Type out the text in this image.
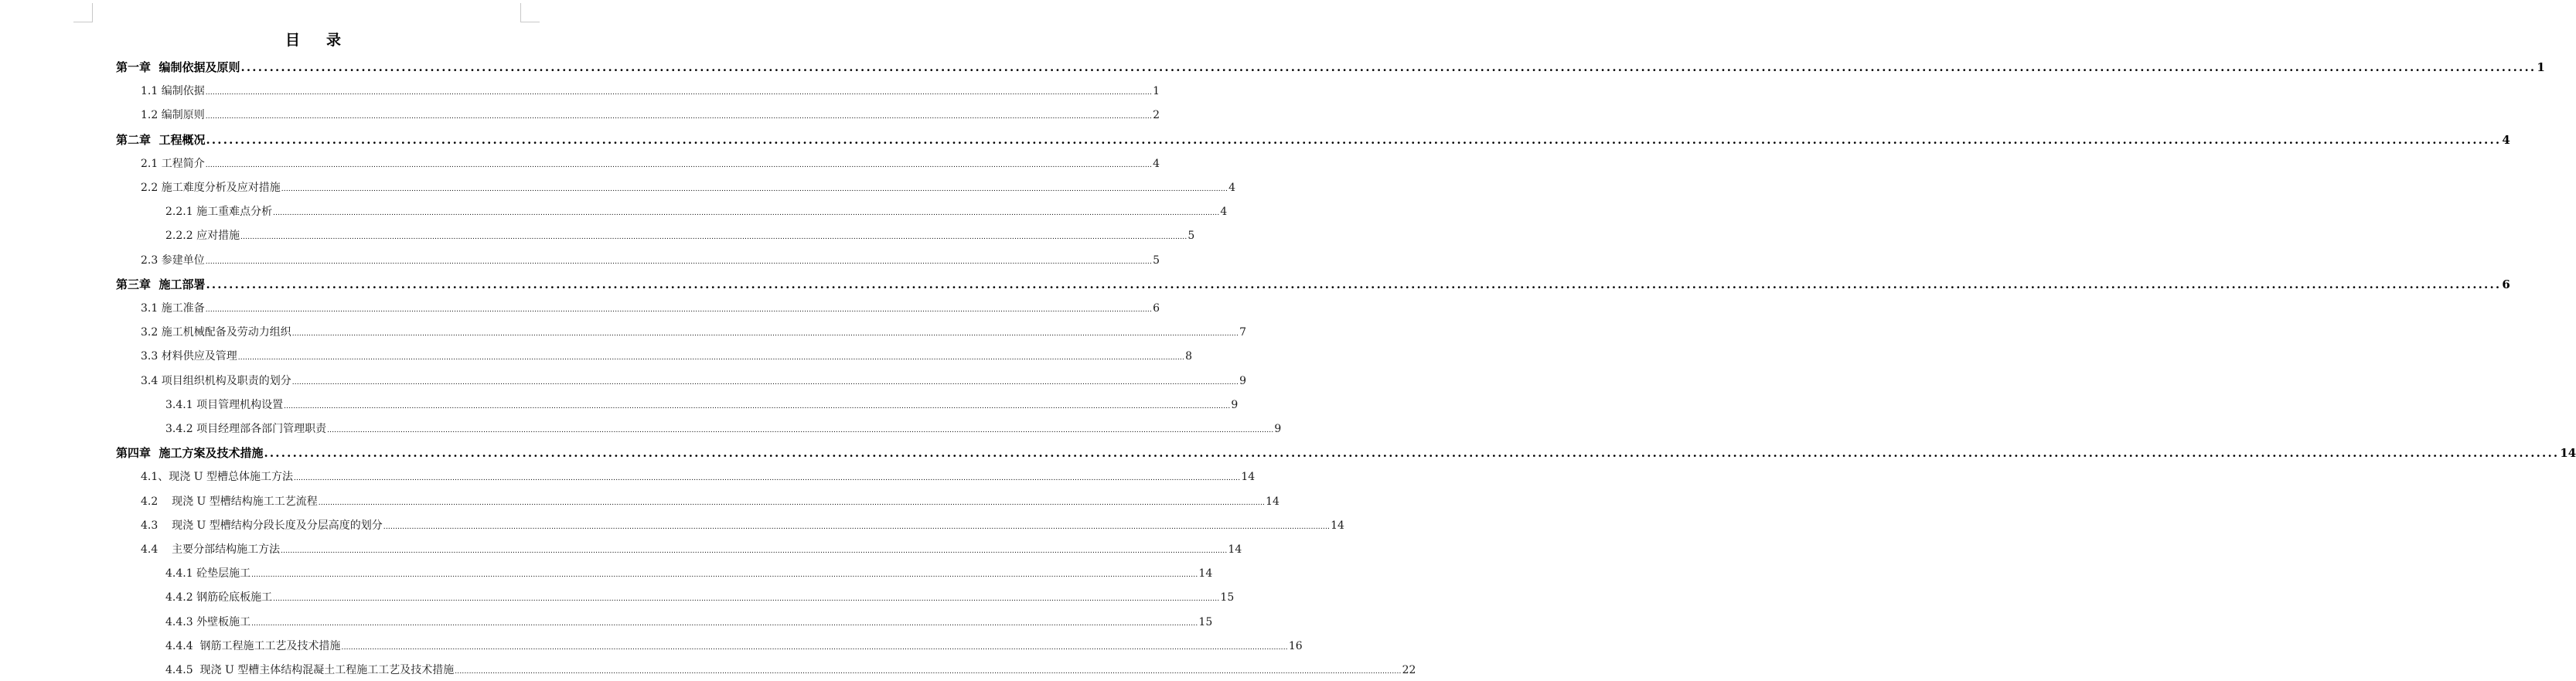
目 录
第一章  编制依据及原则 ................................................................................................................................................................................................................................................................................................................................................................................................................ 1
1.1 编制依据 ................................................................................................................................................................................................................................................................................................................................................................................................................ 1
1.2 编制原则 ................................................................................................................................................................................................................................................................................................................................................................................................................ 2
第二章  工程概况 ................................................................................................................................................................................................................................................................................................................................................................................................................ 4
2.1 工程简介 ................................................................................................................................................................................................................................................................................................................................................................................................................ 4
2.2 施工难度分析及应对措施 ................................................................................................................................................................................................................................................................................................................................................................................................................ 4
2.2.1 施工重难点分析 ................................................................................................................................................................................................................................................................................................................................................................................................................ 4
2.2.2 应对措施 ................................................................................................................................................................................................................................................................................................................................................................................................................ 5
2.3 参建单位 ................................................................................................................................................................................................................................................................................................................................................................................................................ 5
第三章  施工部署 ................................................................................................................................................................................................................................................................................................................................................................................................................ 6
3.1 施工准备 ................................................................................................................................................................................................................................................................................................................................................................................................................ 6
3.2 施工机械配备及劳动力组织 ................................................................................................................................................................................................................................................................................................................................................................................................................ 7
3.3 材料供应及管理 ................................................................................................................................................................................................................................................................................................................................................................................................................ 8
3.4 项目组织机构及职责的划分 ................................................................................................................................................................................................................................................................................................................................................................................................................ 9
3.4.1 项目管理机构设置 ................................................................................................................................................................................................................................................................................................................................................................................................................ 9
3.4.2 项目经理部各部门管理职责 ................................................................................................................................................................................................................................................................................................................................................................................................................ 9
第四章  施工方案及技术措施 ................................................................................................................................................................................................................................................................................................................................................................................................................ 14
4.1、现浇 U 型槽总体施工方法 ................................................................................................................................................................................................................................................................................................................................................................................................................ 14
4.2    现浇 U 型槽结构施工工艺流程 ................................................................................................................................................................................................................................................................................................................................................................................................................ 14
4.3    现浇 U 型槽结构分段长度及分层高度的划分 ................................................................................................................................................................................................................................................................................................................................................................................................................ 14
4.4    主要分部结构施工方法 ................................................................................................................................................................................................................................................................................................................................................................................................................ 14
4.4.1 砼垫层施工 ................................................................................................................................................................................................................................................................................................................................................................................................................ 14
4.4.2 钢筋砼底板施工 ................................................................................................................................................................................................................................................................................................................................................................................................................ 15
4.4.3 外壁板施工 ................................................................................................................................................................................................................................................................................................................................................................................................................ 15
4.4.4  钢筋工程施工工艺及技术措施 ................................................................................................................................................................................................................................................................................................................................................................................................................ 16
4.4.5  现浇 U 型槽主体结构混凝土工程施工工艺及技术措施 ................................................................................................................................................................................................................................................................................................................................................................................................................ 22
